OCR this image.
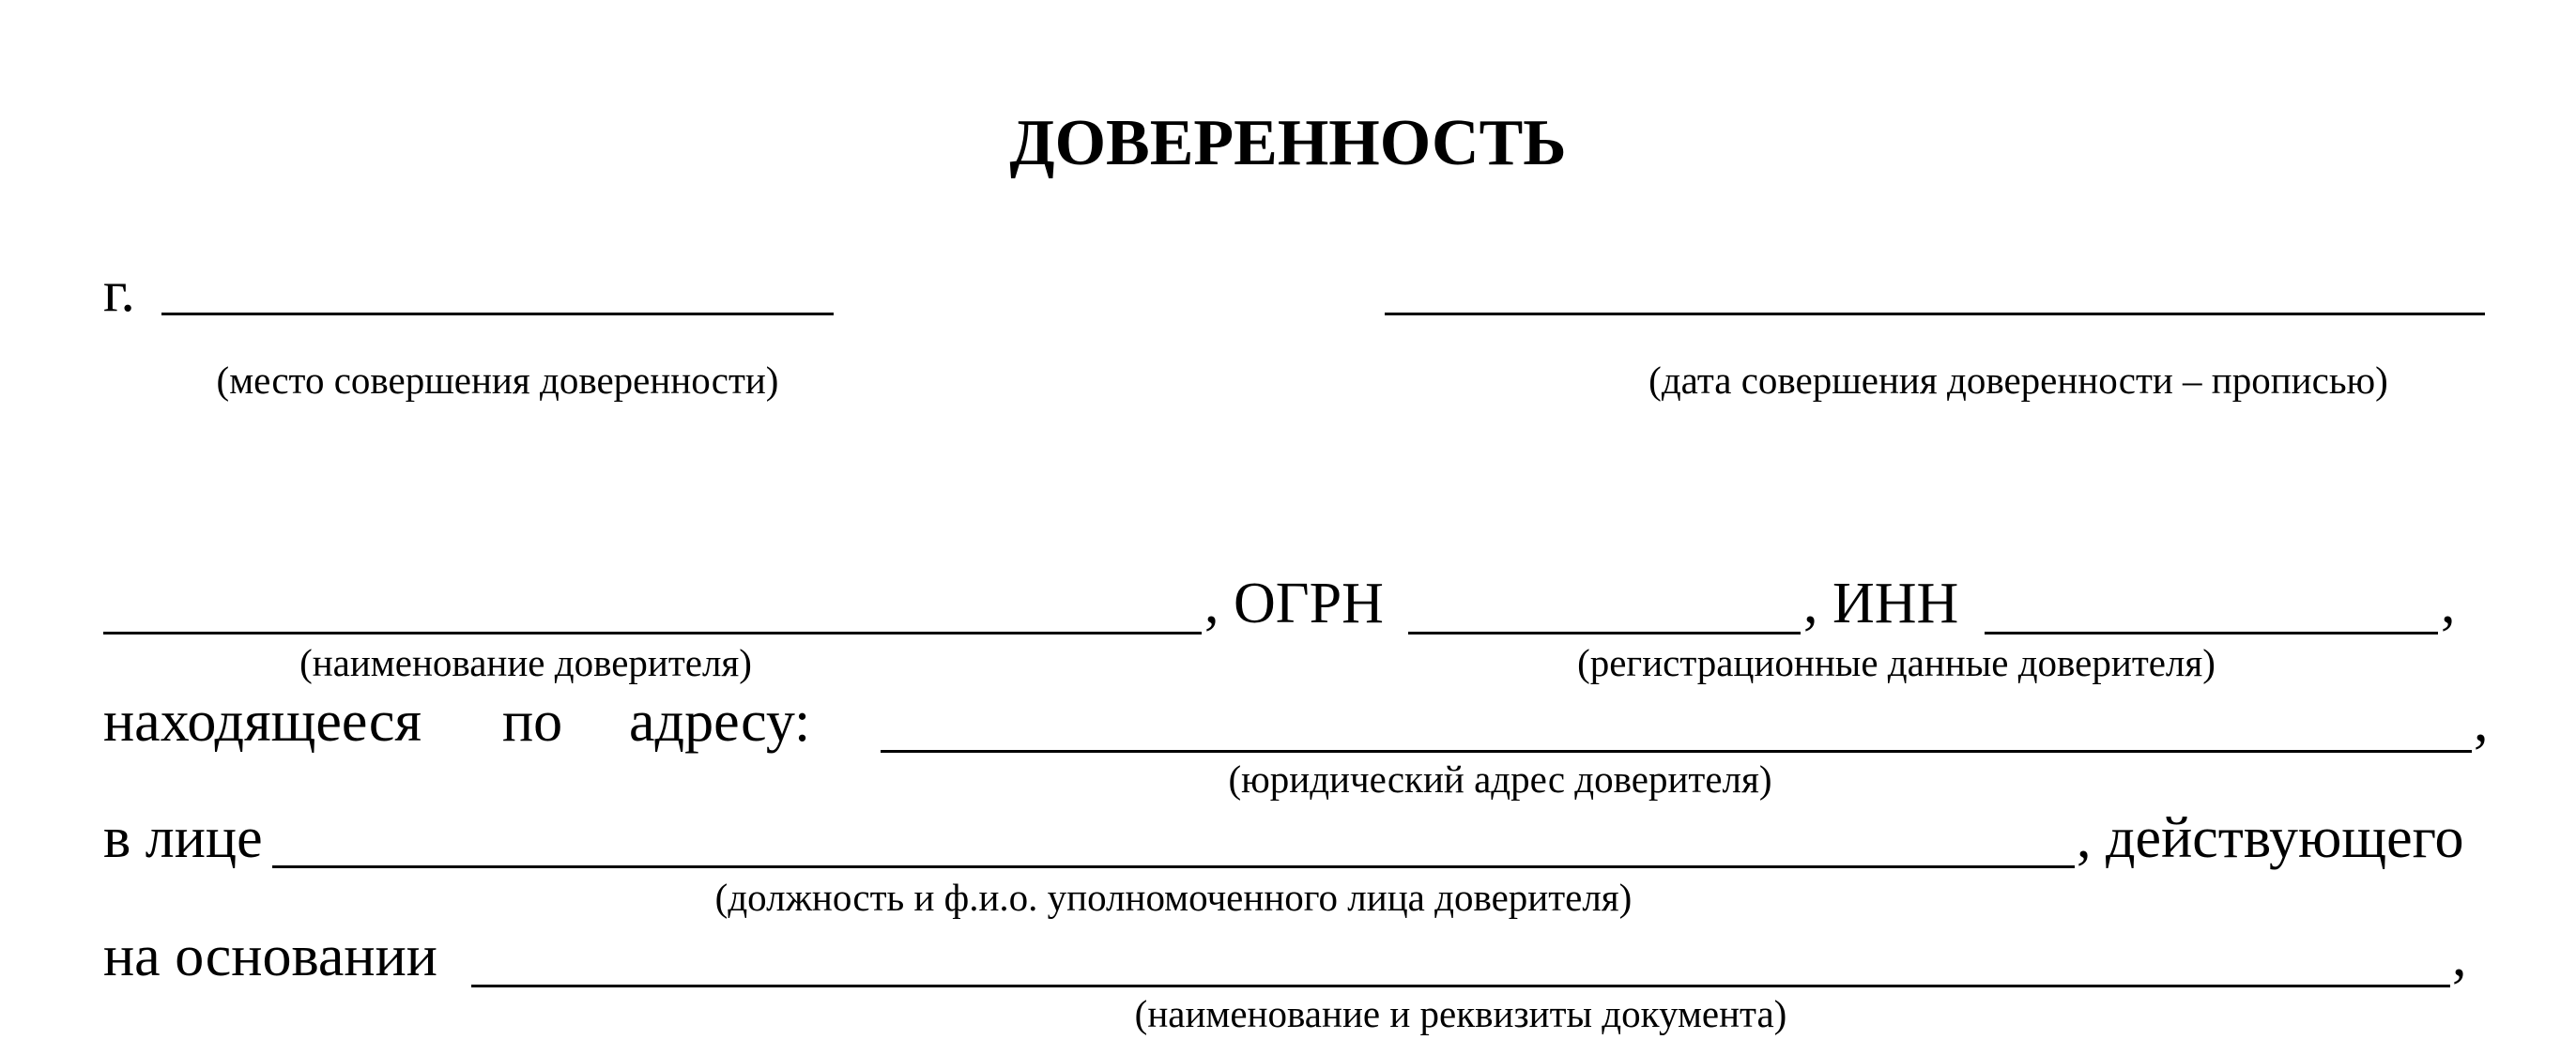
ДОВЕРЕННОСТЬ
г.
(место совершения доверенности)	(дата совершения доверенности – прописью)
, ОГРН	, ИНН	,
(наименование доверителя)	(регистрационные данные доверителя)
находящееся по адресу:	,
(юридический адрес доверителя)
в лице	, действующего
(должность и ф.и.о. уполномоченного лица доверителя)
на основании	,
(наименование и реквизиты документа)
